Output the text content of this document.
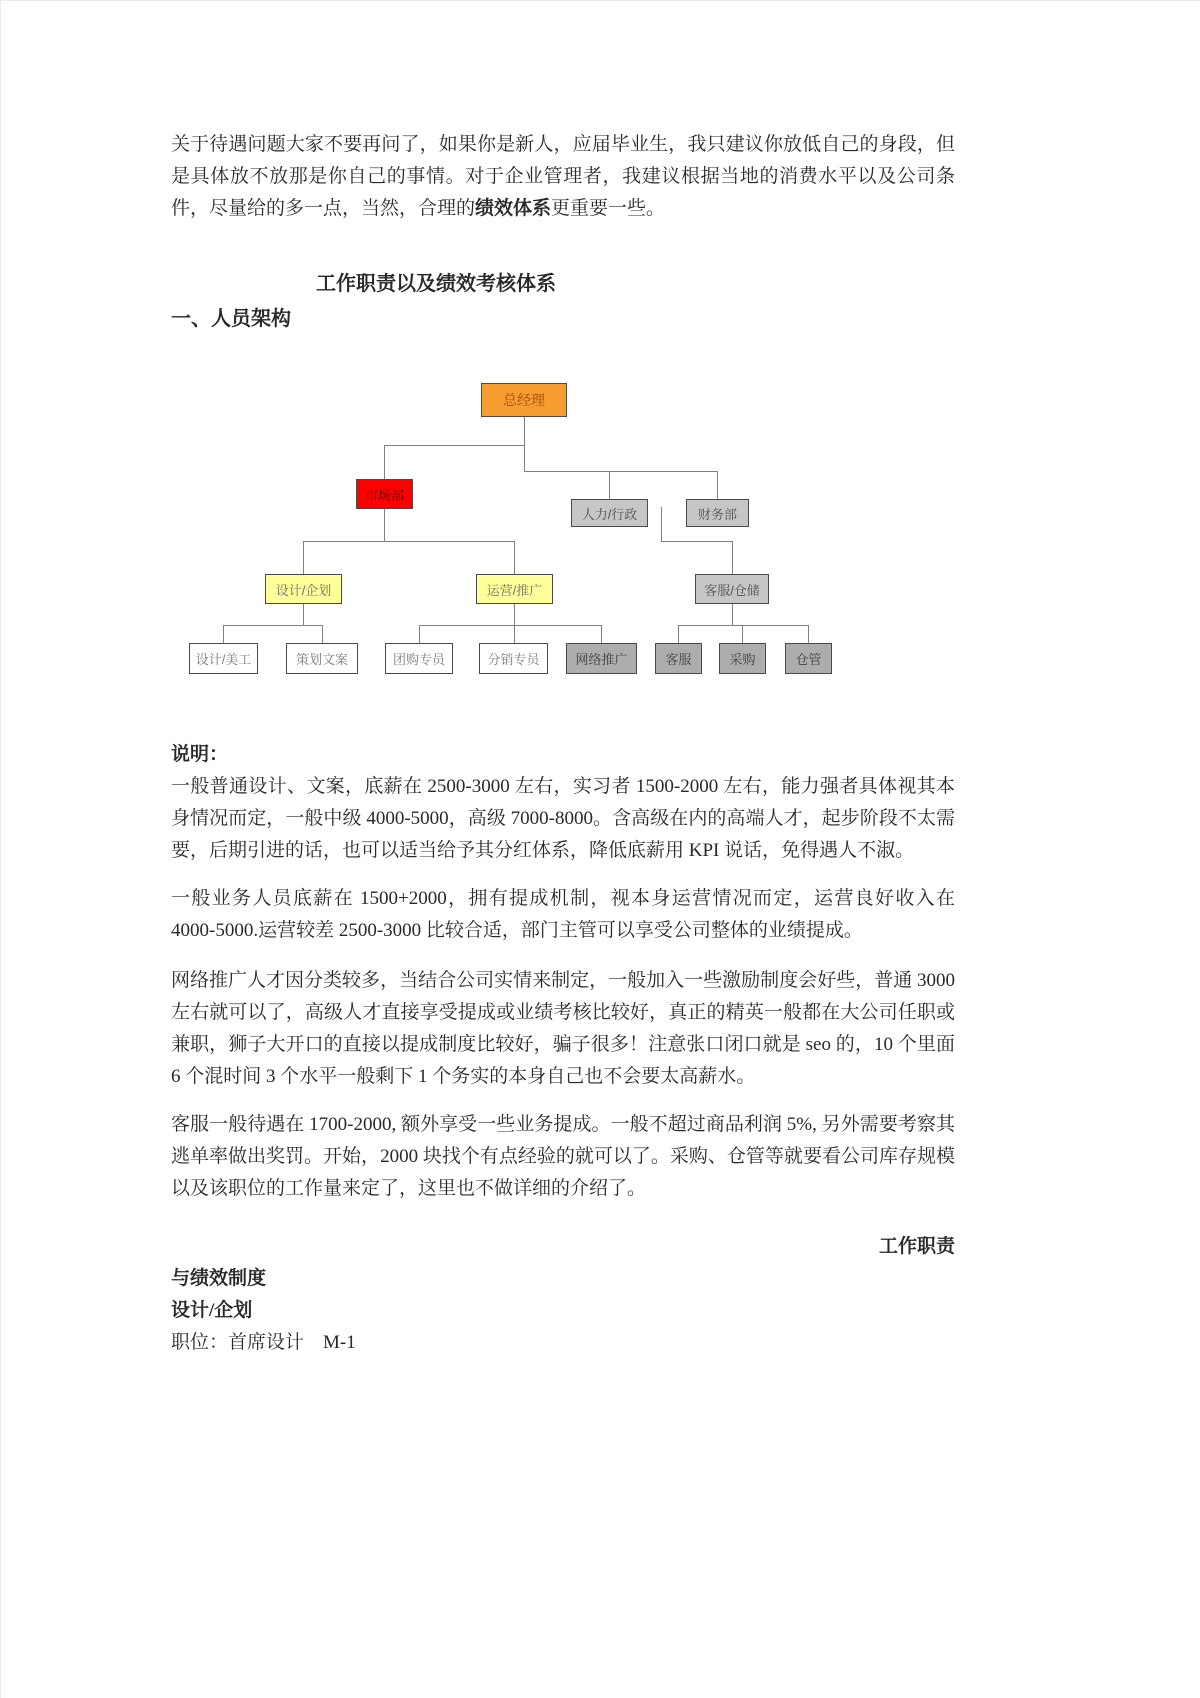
关于待遇问题大家不要再问了，如果你是新人，应届毕业生，我只建议你放低自己的身段，但是具体放不放那是你自己的事情。对于企业管理者，我建议根据当地的消费水平以及公司条件，尽量给的多一点，当然，合理的绩效体系更重要一些。

工作职责以及绩效考核体系

一、人员架构

总经理
市场部
人力/行政	财务部
设计/企划	运营/推广	客服/仓储
设计/美工	策划文案	团购专员	分销专员	网络推广	客服	采购	仓管

说明：

一般普通设计、文案，底薪在 2500-3000 左右，实习者 1500-2000 左右，能力强者具体视其本身情况而定，一般中级 4000-5000，高级 7000-8000。含高级在内的高端人才，起步阶段不太需要，后期引进的话，也可以适当给予其分红体系，降低底薪用 KPI 说话，免得遇人不淑。

一般业务人员底薪在 1500+2000，拥有提成机制，视本身运营情况而定，运营良好收入在 4000-5000.运营较差 2500-3000 比较合适，部门主管可以享受公司整体的业绩提成。

网络推广人才因分类较多，当结合公司实情来制定，一般加入一些激励制度会好些，普通 3000 左右就可以了，高级人才直接享受提成或业绩考核比较好，真正的精英一般都在大公司任职或兼职，狮子大开口的直接以提成制度比较好，骗子很多！注意张口闭口就是 seo 的，10 个里面 6 个混时间 3 个水平一般剩下 1 个务实的本身自己也不会要太高薪水。

客服一般待遇在 1700-2000, 额外享受一些业务提成。一般不超过商品利润 5%, 另外需要考察其逃单率做出奖罚。开始，2000 块找个有点经验的就可以了。采购、仓管等就要看公司库存规模以及该职位的工作量来定了，这里也不做详细的介绍了。

工作职责

与绩效制度

设计/企划

职位：首席设计　M-1
